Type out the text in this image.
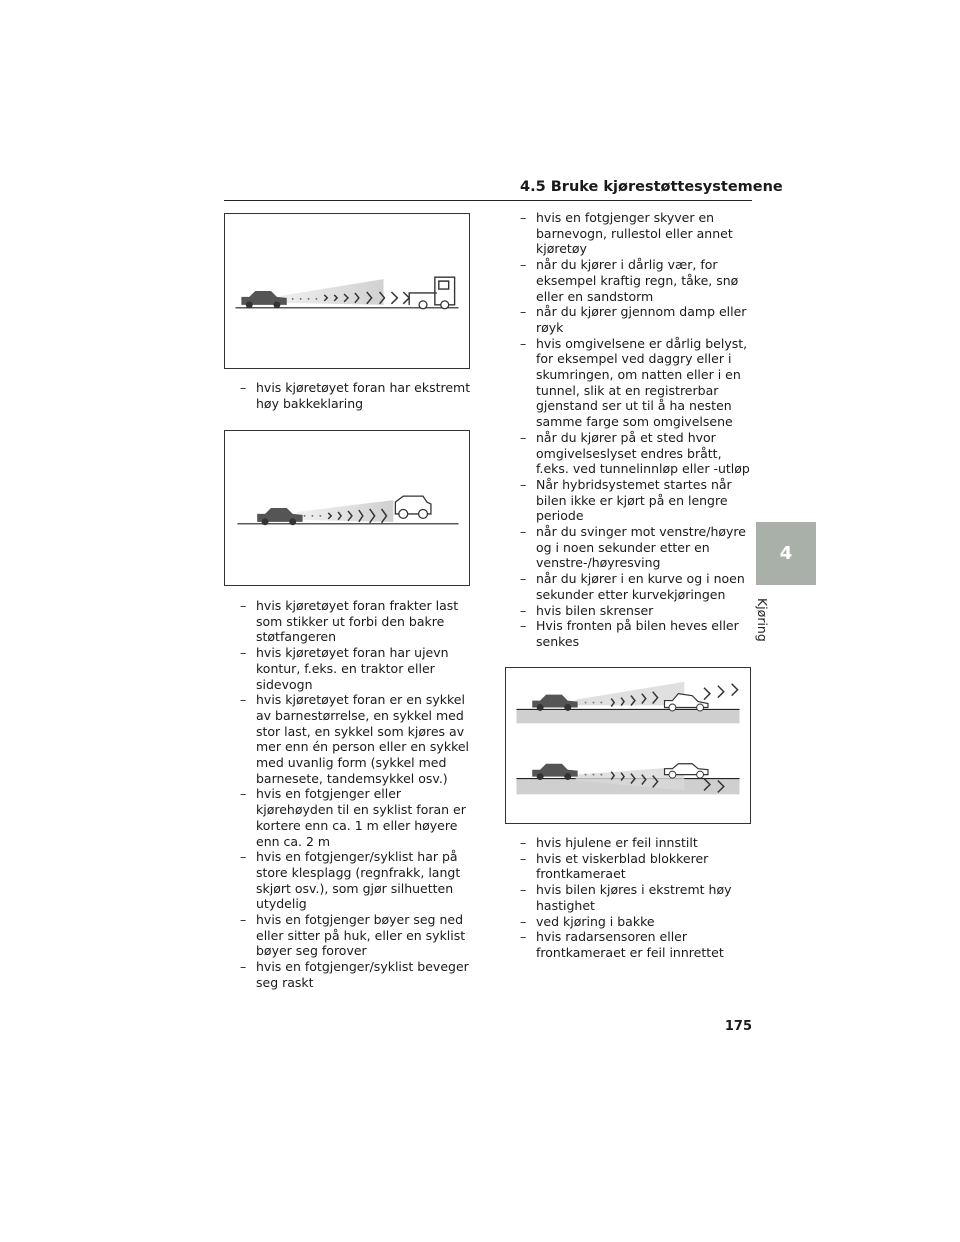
4.5 Bruke kjørestøttesystemene
– hvis kjøretøyet foran har ekstremt høy bakkeklaring
– hvis kjøretøyet foran frakter last som stikker ut forbi den bakre støtfangeren
– hvis kjøretøyet foran har ujevn kontur, f.eks. en traktor eller sidevogn
– hvis kjøretøyet foran er en sykkel av barnestørrelse, en sykkel med stor last, en sykkel som kjøres av mer enn én person eller en sykkel med uvanlig form (sykkel med barnesete, tandemsykkel osv.)
– hvis en fotgjenger eller kjørehøyden til en syklist foran er kortere enn ca. 1 m eller høyere enn ca. 2 m
– hvis en fotgjenger/syklist har på store klesplagg (regnfrakk, langt skjørt osv.), som gjør silhuetten utydelig
– hvis en fotgjenger bøyer seg ned eller sitter på huk, eller en syklist bøyer seg forover
– hvis en fotgjenger/syklist beveger seg raskt
– hvis en fotgjenger skyver en barnevogn, rullestol eller annet kjøretøy
– når du kjører i dårlig vær, for eksempel kraftig regn, tåke, snø eller en sandstorm
– når du kjører gjennom damp eller røyk
– hvis omgivelsene er dårlig belyst, for eksempel ved daggry eller i skumringen, om natten eller i en tunnel, slik at en registrerbar gjenstand ser ut til å ha nesten samme farge som omgivelsene
– når du kjører på et sted hvor omgivelseslyset endres brått, f.eks. ved tunnelinnløp eller -utløp
– Når hybridsystemet startes når bilen ikke er kjørt på en lengre periode
– når du svinger mot venstre/høyre og i noen sekunder etter en venstre-/høyresving
– når du kjører i en kurve og i noen sekunder etter kurvekjøringen
– hvis bilen skrenser
– Hvis fronten på bilen heves eller senkes
– hvis hjulene er feil innstilt
– hvis et viskerblad blokkerer frontkameraet
– hvis bilen kjøres i ekstremt høy hastighet
– ved kjøring i bakke
– hvis radarsensoren eller frontkameraet er feil innrettet
4
Kjøring
175
